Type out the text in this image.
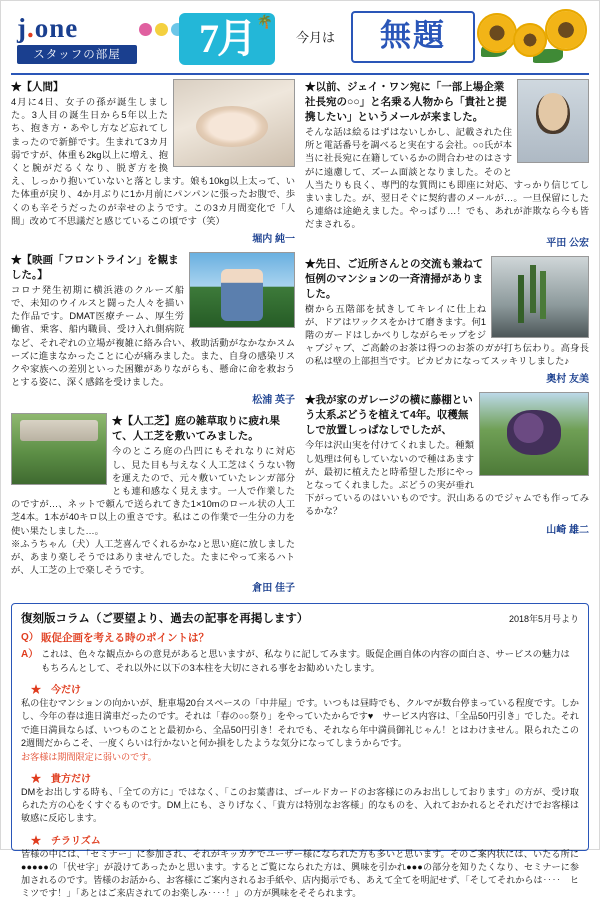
j.one
スタッフの部屋
🌴
7月	今月は	無題
★【人間】
4月に4日、女子の孫が誕生しました。3人目の誕生日から5年以上たち、抱き方・あやし方など忘れてしまったので新鮮です。生まれて3カ月弱ですが、体重も2kg以上に増え、抱くと腕がだるくなり、脱ぎ方を換え、しっかり抱いていないと落とします。娘も10kg以上太って、いた体重が戻り、4か月ぶりに1か月前にパンパンに張ったお腹で、歩くのも辛そうだったのが幸せのようです。この3カ月間変化で「人間」改めて不思議だと感じているこの頃です（笑）
堀内 純一
★【映画「フロントライン」を観ました。】
コロナ発生初期に横浜港のクルーズ船で、未知のウイルスと闘った人々を描いた作品です。DMAT医療チーム、厚生労働省、乗客、船内職員、受け入れ側病院など、それぞれの立場が複雑に絡み合い、救助活動がなかなかスムーズに進まなかったことに心が痛みました。また、自身の感染リスクや家族への差別といった困難がありながらも、懸命に命を救おうとする姿に、深く感銘を受けました。
松浦 英子
★【人工芝】庭の雑草取りに疲れ果て、人工芝を敷いてみました。
今のところ庭の凸凹にもそれなりに対応し、見た目も与えなく人工芝はくうない物を運えたので、元々敷いていたレンガ部分とも連和感なく見えます。一人で作業したのですが…、ネットで頼んで送られてきた1×10mのロール状の人工芝4本。1本が40キロ以上の重さです。私はこの作業で一生分の力を使い果たしました…。
※ふうちゃん（犬）人工芝喜んでくれるかな♪と思い庭に放しましたが、あまり楽しそうではありませんでした。たまにやって来るハトが、人工芝の上で楽しそうです。
倉田 佳子
★以前、ジェイ・ワン宛に「一部上場企業社長宛の○○」と名乗る人物から「貴社と提携したい」というメールが来ました。
そんな話は絵るはずはないしかし、記載された住所と電話番号を調べると実在する会社。○○氏が本当に社長宛に在籍しているかの問合わせのはさすがに遠慮して、ズーム面談となりました。そのと人当たりも良く、専門的な質問にも即座に対応、すっかり信じてしまいました。が、翌日そぐに契約書のメールが…。一旦保留にしたら連絡は途絶えました。やっぱり…！でも、あれが詐欺なら今も皆だまされる。
平田 公宏
★先日、ご近所さんとの交流も兼ねて恒例のマンションの一斉清掃がありました。
樹から五階部を拭きしてキレイに仕上ねが、ドアはワックスをかけて磨きます。何1階のガードはしかべりしながらモップをジャブジャブ、ご高齢のお茶は得つのお茶のガが打ち伝わり。高身長の私は壁の上部担当です。ピカピカになってスッキリしました♪
奥村 友美
★我が家のガレージの横に藤棚という太系ぶどうを植えて4年。収穫無しで放置しっぱなしでしたが、
今年は沢山実を付けてくれました。種類し処理は何もしていないので種はあますが、最初に植えたと時希望した形にやっとなってくれました。ぶどうの実が垂れ下がっているのはいいものです。沢山あるのでジャムでも作ってみるかな？
山崎 雄二
復刻版コラム（ご要望より、過去の記事を再掲します）	2018年5月号より
Q） 販促企画を考える時のポイントは？
A） これは、色々な観点からの意見があると思いますが、私なりに記してみます。販促企画自体の内容の面白さ、サービスの魅力はもちろんとして、それ以外に以下の3本柱を大切にされる事をお勧めいたします。
★　今だけ
私の住むマンションの向かいが、駐車場20台スペースの「中井屋」です。いつもは昼時でも、クルマが数台停まっている程度です。しかし、今年の春は進日満車だったのです。それは「春の○○祭り」をやっていたからです♥　サービス内容は、「全品50円引き」でした。それで進日満員ならば、いつものことと最初から、全品50円引き！それでも、それなら年中満員御礼じゃん！とはわけません。限られたこの2週間だからこそ、一度くらいは行かないと何か損をしたような気分になってしまうからです。
お客様は期間限定に弱いのです。
★　貴方だけ
DMをお出しする時も、「全ての方に」ではなく、「このお葉書は、ゴールドカードのお客様にのみお出ししております」の方が、受け取られた方の心をくすぐるものです。DM上にも、さりげなく、「貴方は特別なお客様」的なものを、入れておかれるとそれだけでお客様は敏感に反応します。
★　チラリズム
皆様の中には、「セミナー」に参加され、それがキッカケでユーザー様になられた方も多いと思います。そのご案内状には、いたる所に●●●●●の「伏せ字」が設けてあったかと思います。するとご覧になられた方は、興味を引かれ●●●の部分を知りたくなり、セミナーに参加されるのです。皆様のお話から、お客様にご案内されるお手紙や、店内掲示でも、あえて全てを明記せず、「そしてそれからは‥‥　ヒミツです！」「あとはご来店されてのお楽しみ‥‥！」の方が興味をそそられます。
